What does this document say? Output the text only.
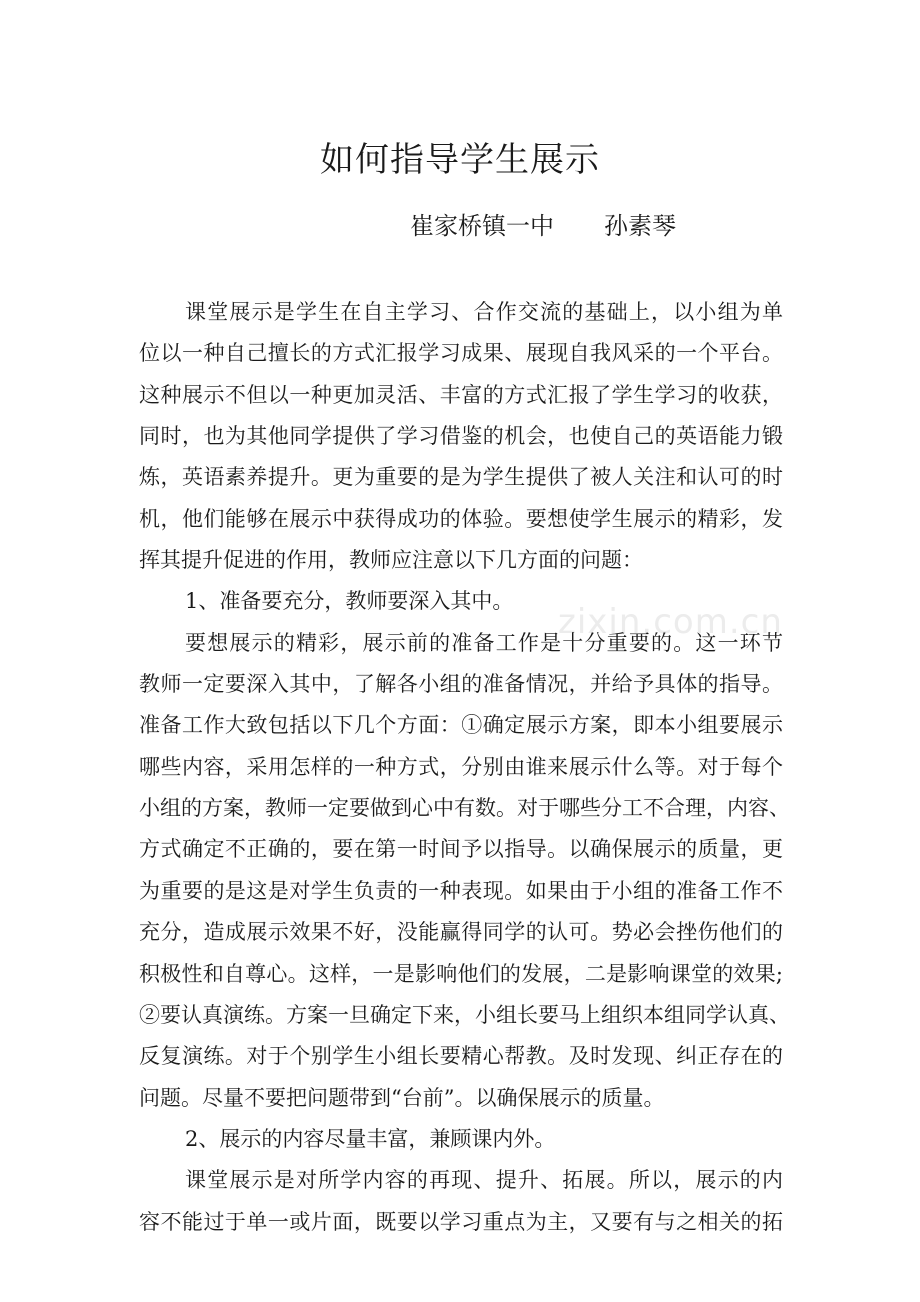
如何指导学生展示
崔家桥镇一中 孙素琴
zixin.com.cn
课堂展示是学生在自主学习、合作交流的基础上，以小组为单
位以一种自己擅长的方式汇报学习成果、展现自我风采的一个平台。
这种展示不但以一种更加灵活、丰富的方式汇报了学生学习的收获，
同时，也为其他同学提供了学习借鉴的机会，也使自己的英语能力锻
炼，英语素养提升。更为重要的是为学生提供了被人关注和认可的时
机，他们能够在展示中获得成功的体验。要想使学生展示的精彩，发
挥其提升促进的作用，教师应注意以下几方面的问题：
1、准备要充分，教师要深入其中。
要想展示的精彩，展示前的准备工作是十分重要的。这一环节
教师一定要深入其中，了解各小组的准备情况，并给予具体的指导。
准备工作大致包括以下几个方面：①确定展示方案，即本小组要展示
哪些内容，采用怎样的一种方式，分别由谁来展示什么等。对于每个
小组的方案，教师一定要做到心中有数。对于哪些分工不合理，内容、
方式确定不正确的，要在第一时间予以指导。以确保展示的质量，更
为重要的是这是对学生负责的一种表现。如果由于小组的准备工作不
充分，造成展示效果不好，没能赢得同学的认可。势必会挫伤他们的
积极性和自尊心。这样，一是影响他们的发展，二是影响课堂的效果;
②要认真演练。方案一旦确定下来，小组长要马上组织本组同学认真、
反复演练。对于个别学生小组长要精心帮教。及时发现、纠正存在的
问题。尽量不要把问题带到“台前”。以确保展示的质量。
2、展示的内容尽量丰富，兼顾课内外。
课堂展示是对所学内容的再现、提升、拓展。所以，展示的内
容不能过于单一或片面，既要以学习重点为主，又要有与之相关的拓
